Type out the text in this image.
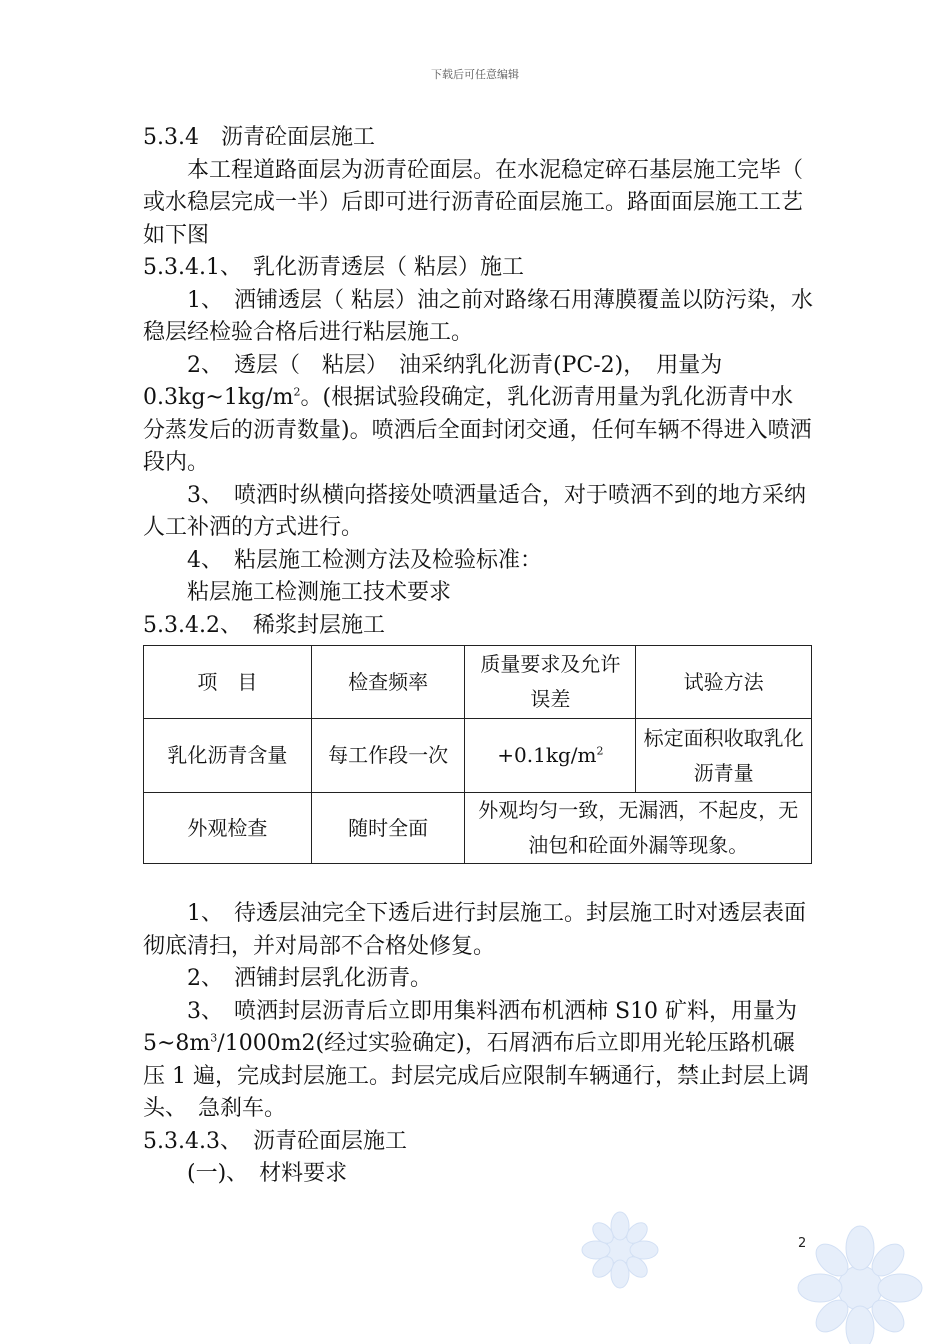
下载后可任意编辑

5.3.4　沥青砼面层施工

本工程道路面层为沥青砼面层。在水泥稳定碎石基层施工完毕（ 或水稳层完成一半）后即可进行沥青砼面层施工。路面面层施工工艺如下图

5.3.4.1、　乳化沥青透层（ 粘层）施工

1、　洒铺透层（ 粘层）油之前对路缘石用薄膜覆盖以防污染，水稳层经检验合格后进行粘层施工。

2、　透层（　粘层）　油采纳乳化沥青(PC-2)，　用量为 $0.3kg\sim 1kg/m^2$。(根据试验段确定，乳化沥青用量为乳化沥青中水分蒸发后的沥青数量)。喷洒后全面封闭交通，任何车辆不得进入喷洒段内。

3、　喷洒时纵横向搭接处喷洒量适合，对于喷洒不到的地方采纳人工补洒的方式进行。

4、　粘层施工检测方法及检验标准：

粘层施工检测施工技术要求

5.3.4.2、　稀浆封层施工

项　目	检查频率	质量要求及允许误差	试验方法
乳化沥青含量	每工作段一次	$+0.1kg/m^2$	标定面积收取乳化沥青量
外观检查	随时全面	外观均匀一致，无漏洒，不起皮，无油包和砼面外漏等现象。	

1、　待透层油完全下透后进行封层施工。封层施工时对透层表面彻底清扫，并对局部不合格处修复。

2、　洒铺封层乳化沥青。

3、　喷洒封层沥青后立即用集料洒布机洒柿 S10 矿料，用量为 $5\sim 8m^3/1000m2$(经过实验确定)，石屑洒布后立即用光轮压路机碾压 1 遍，完成封层施工。封层完成后应限制车辆通行，禁止封层上调头、　急刹车。

5.3.4.3、　沥青砼面层施工

(一)、　材料要求

2
